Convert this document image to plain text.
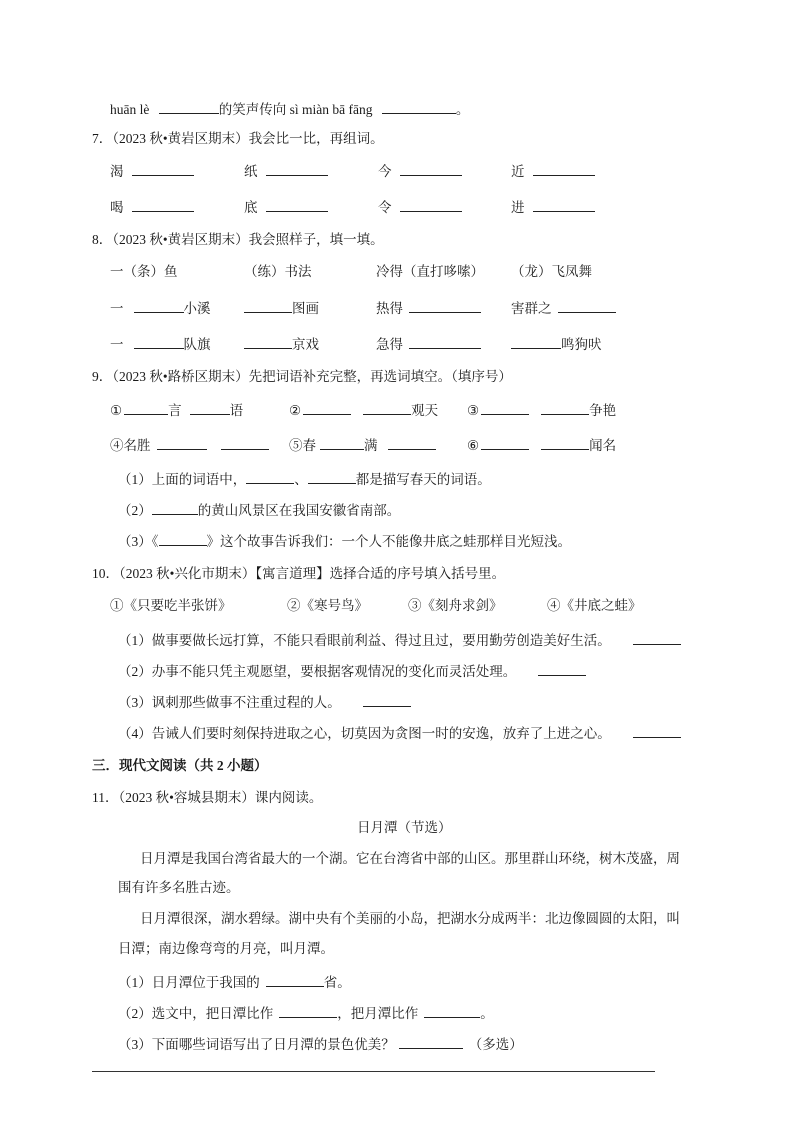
huān lè	的笑声传向 sì miàn bā fāng	。
7．（2023 秋•黄岩区期末）我会比一比，再组词。
渴	纸	今	近
喝	底	令	进
8．（2023 秋•黄岩区期末）我会照样子，填一填。
一（条）鱼	（练）书法	冷得（直打哆嗦） （龙）飞凤舞
一	小溪	图画	热得	害群之
一	队旗	京戏	急得	鸣狗吠
9．（2023 秋•路桥区期末）先把词语补充完整，再选词填空。（填序号）
①	言	语	②	观天 ③	争艳
④名胜	⑤春	满	⑥	闻名
（1）上面的词语中，	、	都是描写春天的词语。
（2）	的黄山风景区在我国安徽省南部。
（3）《	》这个故事告诉我们：一个人不能像井底之蛙那样目光短浅。
10．（2023 秋•兴化市期末）【寓言道理】选择合适的序号填入括号里。
①《只要吃半张饼》	②《寒号鸟》	③《刻舟求剑》	④《井底之蛙》
（1）做事要做长远打算，不能只看眼前利益、得过且过，要用勤劳创造美好生活。
（2）办事不能只凭主观愿望，要根据客观情况的变化而灵活处理。
（3）讽刺那些做事不注重过程的人。
（4）告诫人们要时刻保持进取之心，切莫因为贪图一时的安逸，放弃了上进之心。
三．现代文阅读（共 2 小题）
11．（2023 秋•容城县期末）课内阅读。
日月潭（节选）
日月潭是我国台湾省最大的一个湖。它在台湾省中部的山区。那里群山环绕，树木茂盛，周
围有许多名胜古迹。
日月潭很深，湖水碧绿。湖中央有个美丽的小岛，把湖水分成两半：北边像圆圆的太阳，叫
日潭；南边像弯弯的月亮，叫月潭。
（1）日月潭位于我国的	省。
（2）选文中，把日潭比作	，把月潭比作	。
（3）下面哪些词语写出了日月潭的景色优美？	（多选）
